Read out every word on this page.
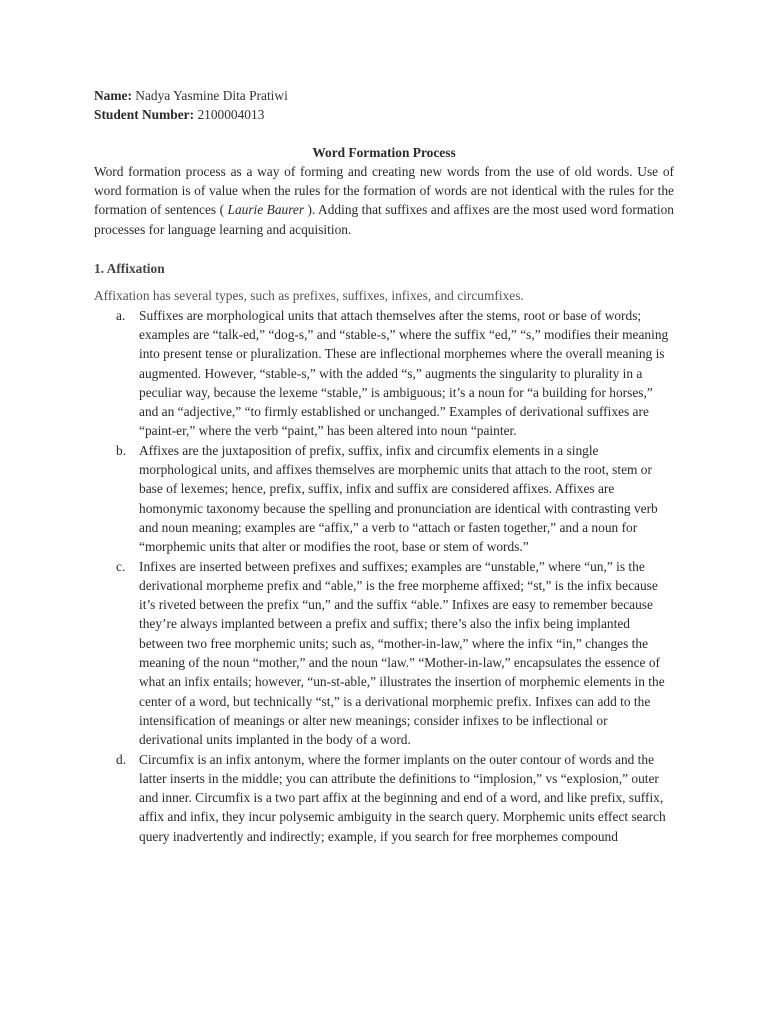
Name: Nadya Yasmine Dita Pratiwi

Student Number: 2100004013

Word Formation Process

Word formation process as a way of forming and creating new words from the use of old words. Use of word formation is of value when the rules for the formation of words are not identical with the rules for the formation of sentences ( Laurie Baurer ). Adding that suffixes and affixes are the most used word formation processes for language learning and acquisition.

1. Affixation

Affixation has several types, such as prefixes, suffixes, infixes, and circumfixes.

a. Suffixes are morphological units that attach themselves after the stems, root or base of words; examples are “talk-ed,” “dog-s,” and “stable-s,” where the suffix “ed,” “s,” modifies their meaning into present tense or pluralization. These are inflectional morphemes where the overall meaning is augmented. However, “stable-s,” with the added “s,” augments the singularity to plurality in a peculiar way, because the lexeme “stable,” is ambiguous; it’s a noun for “a building for horses,” and an “adjective,” “to firmly established or unchanged.” Examples of derivational suffixes are “paint-er,” where the verb “paint,” has been altered into noun “painter.
b. Affixes are the juxtaposition of prefix, suffix, infix and circumfix elements in a single morphological units, and affixes themselves are morphemic units that attach to the root, stem or base of lexemes; hence, prefix, suffix, infix and suffix are considered affixes. Affixes are homonymic taxonomy because the spelling and pronunciation are identical with contrasting verb and noun meaning; examples are “affix,” a verb to “attach or fasten together,” and a noun for “morphemic units that alter or modifies the root, base or stem of words.”
c. Infixes are inserted between prefixes and suffixes; examples are “unstable,” where “un,” is the derivational morpheme prefix and “able,” is the free morpheme affixed; “st,” is the infix because it’s riveted between the prefix “un,” and the suffix “able.” Infixes are easy to remember because they’re always implanted between a prefix and suffix; there’s also the infix being implanted between two free morphemic units; such as, “mother-in-law,” where the infix “in,” changes the meaning of the noun “mother,” and the noun “law.” “Mother-in-law,” encapsulates the essence of what an infix entails; however, “un-st-able,” illustrates the insertion of morphemic elements in the center of a word, but technically “st,” is a derivational morphemic prefix. Infixes can add to the intensification of meanings or alter new meanings; consider infixes to be inflectional or derivational units implanted in the body of a word.
d. Circumfix is an infix antonym, where the former implants on the outer contour of words and the latter inserts in the middle; you can attribute the definitions to “implosion,” vs “explosion,” outer and inner. Circumfix is a two part affix at the beginning and end of a word, and like prefix, suffix, affix and infix, they incur polysemic ambiguity in the search query. Morphemic units effect search query inadvertently and indirectly; example, if you search for free morphemes compound
